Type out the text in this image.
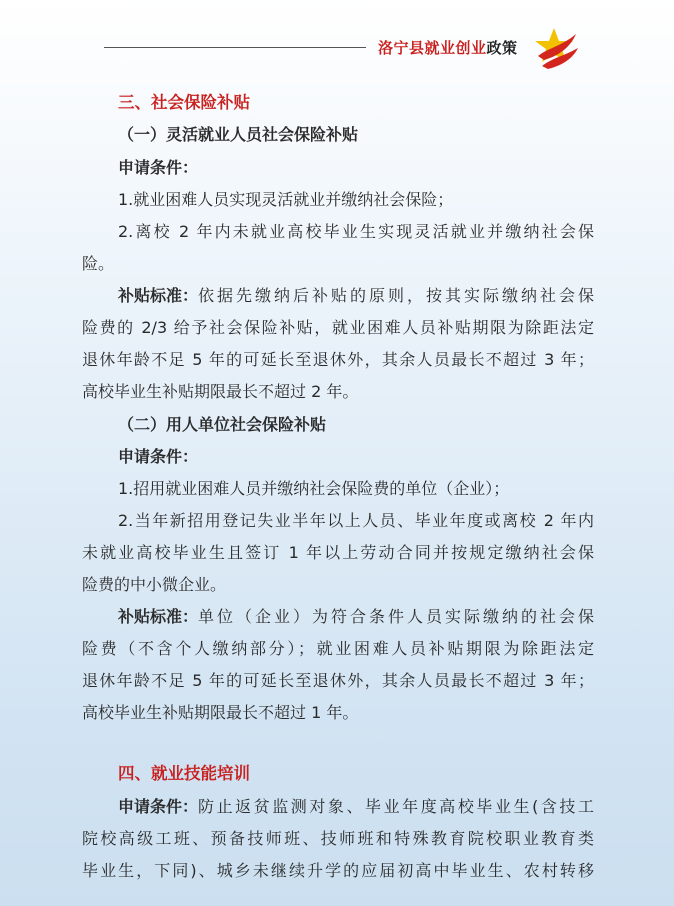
洛宁县就业创业政策
三、社会保险补贴
（一）灵活就业人员社会保险补贴
申请条件：
1.就业困难人员实现灵活就业并缴纳社会保险；
2.离校 2 年内未就业高校毕业生实现灵活就业并缴纳社会保
险。
补贴标准： 依据先缴纳后补贴的原则，按其实际缴纳社会保
险费的 2/3 给予社会保险补贴，就业困难人员补贴期限为除距法定
退休年龄不足 5 年的可延长至退休外，其余人员最长不超过 3 年；
高校毕业生补贴期限最长不超过 2 年。
（二）用人单位社会保险补贴
申请条件：
1.招用就业困难人员并缴纳社会保险费的单位（企业）；
2.当年新招用登记失业半年以上人员、毕业年度或离校 2 年内
未就业高校毕业生且签订 1 年以上劳动合同并按规定缴纳社会保
险费的中小微企业。
补贴标准： 单位（企业）为符合条件人员实际缴纳的社会保
险费（不含个人缴纳部分）；就业困难人员补贴期限为除距法定
退休年龄不足 5 年的可延长至退休外，其余人员最长不超过 3 年；
高校毕业生补贴期限最长不超过 1 年。
四、就业技能培训
申请条件： 防止返贫监测对象、毕业年度高校毕业生(含技工
院校高级工班、预备技师班、技师班和特殊教育院校职业教育类
毕业生，下同)、城乡未继续升学的应届初高中毕业生、农村转移
